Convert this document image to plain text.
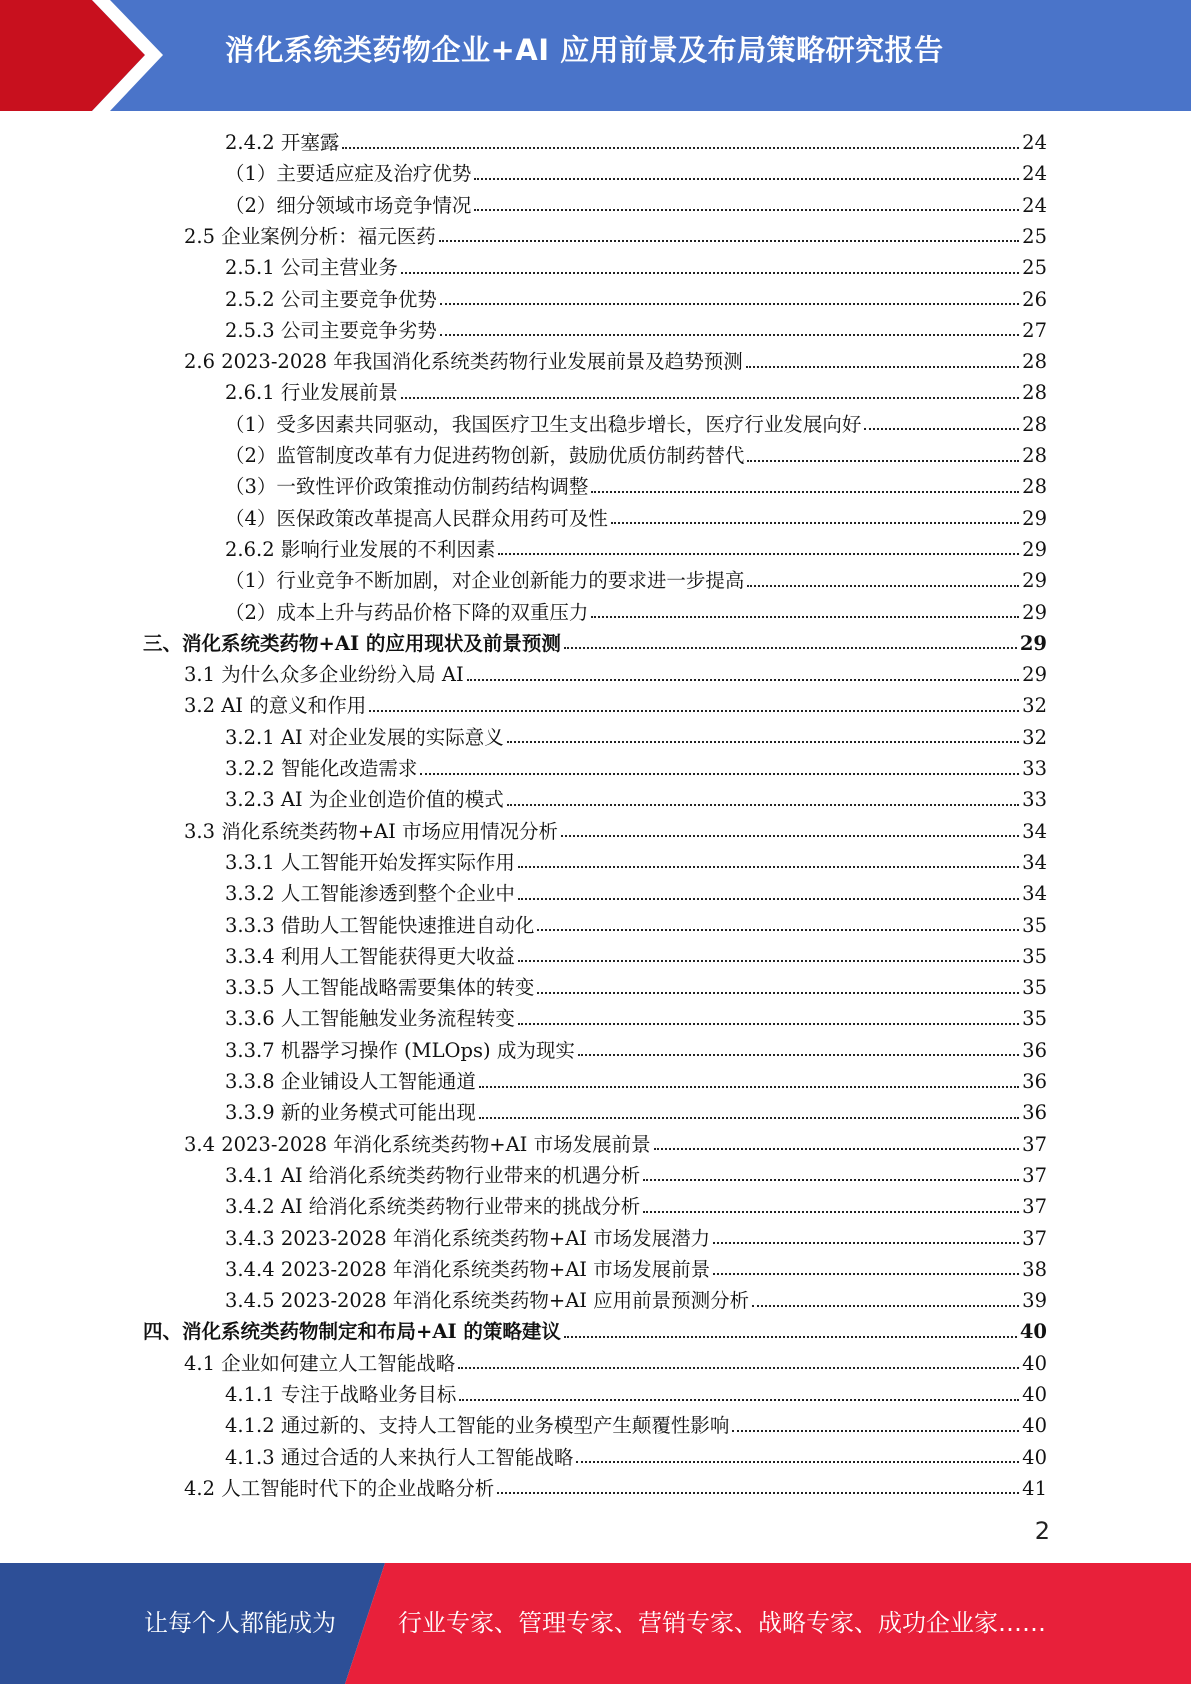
消化系统类药物企业+AI 应用前景及布局策略研究报告
2.4.2 开塞露	24
（1）主要适应症及治疗优势	24
（2）细分领域市场竞争情况	24
2.5 企业案例分析：福元医药	25
2.5.1 公司主营业务	25
2.5.2 公司主要竞争优势	26
2.5.3 公司主要竞争劣势	27
2.6 2023-2028 年我国消化系统类药物行业发展前景及趋势预测	28
2.6.1 行业发展前景	28
（1）受多因素共同驱动，我国医疗卫生支出稳步增长，医疗行业发展向好	28
（2）监管制度改革有力促进药物创新，鼓励优质仿制药替代	28
（3）一致性评价政策推动仿制药结构调整	28
（4）医保政策改革提高人民群众用药可及性	29
2.6.2 影响行业发展的不利因素	29
（1）行业竞争不断加剧，对企业创新能力的要求进一步提高	29
（2）成本上升与药品价格下降的双重压力	29
三、消化系统类药物+AI 的应用现状及前景预测	29
3.1 为什么众多企业纷纷入局 AI	29
3.2 AI 的意义和作用	32
3.2.1 AI 对企业发展的实际意义	32
3.2.2 智能化改造需求	33
3.2.3 AI 为企业创造价值的模式	33
3.3 消化系统类药物+AI 市场应用情况分析	34
3.3.1 人工智能开始发挥实际作用	34
3.3.2 人工智能渗透到整个企业中	34
3.3.3 借助人工智能快速推进自动化	35
3.3.4 利用人工智能获得更大收益	35
3.3.5 人工智能战略需要集体的转变	35
3.3.6 人工智能触发业务流程转变	35
3.3.7 机器学习操作 (MLOps) 成为现实	36
3.3.8 企业铺设人工智能通道	36
3.3.9 新的业务模式可能出现	36
3.4 2023-2028 年消化系统类药物+AI 市场发展前景	37
3.4.1 AI 给消化系统类药物行业带来的机遇分析	37
3.4.2 AI 给消化系统类药物行业带来的挑战分析	37
3.4.3 2023-2028 年消化系统类药物+AI 市场发展潜力	37
3.4.4 2023-2028 年消化系统类药物+AI 市场发展前景	38
3.4.5 2023-2028 年消化系统类药物+AI 应用前景预测分析	39
四、消化系统类药物制定和布局+AI 的策略建议	40
4.1 企业如何建立人工智能战略	40
4.1.1 专注于战略业务目标	40
4.1.2 通过新的、支持人工智能的业务模型产生颠覆性影响	40
4.1.3 通过合适的人来执行人工智能战略	40
4.2 人工智能时代下的企业战略分析	41
2
让每个人都能成为	行业专家、管理专家、营销专家、战略专家、成功企业家……
